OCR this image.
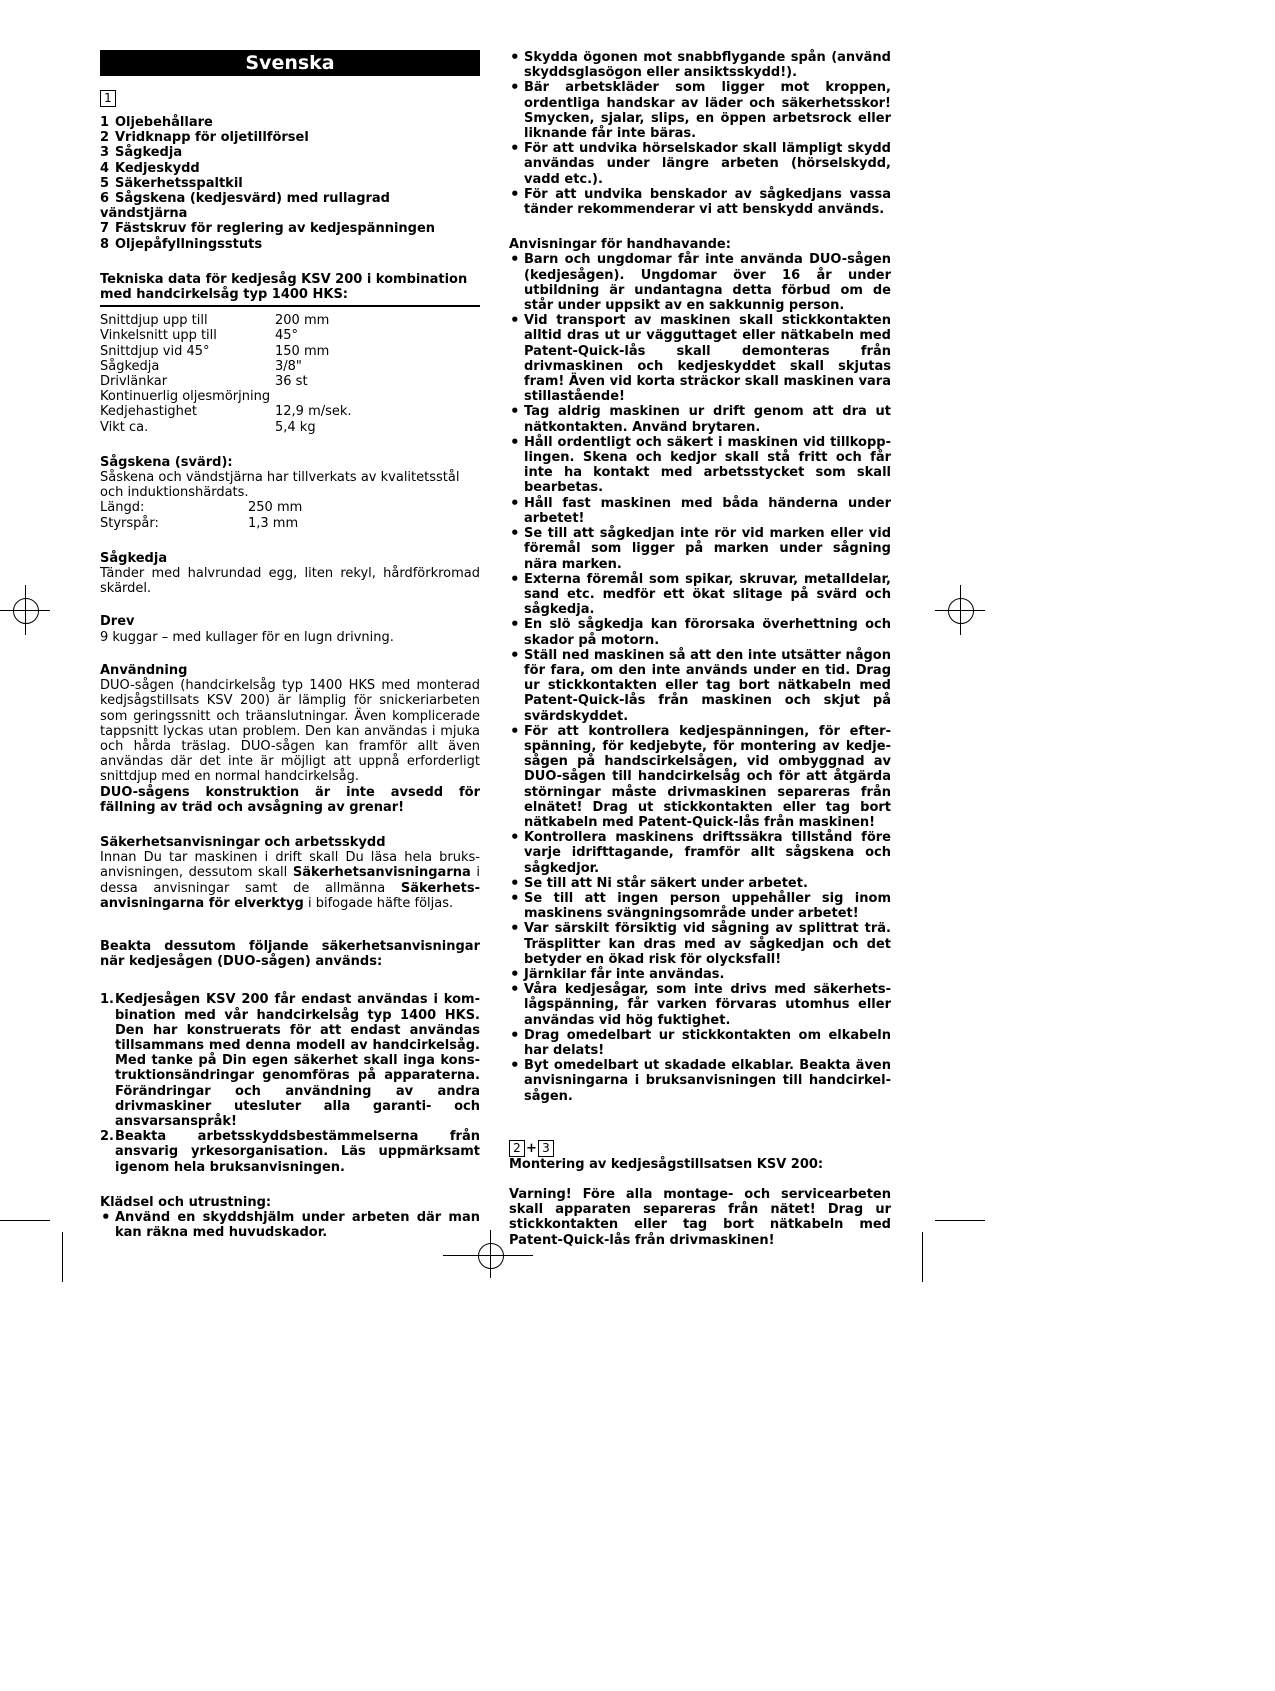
Svenska
1
1 Oljebehållare
2 Vridknapp för oljetillförsel
3 Sågkedja
4 Kedjeskydd
5 Säkerhetsspaltkil
6 Sågskena (kedjesvärd) med rullagrad vändstjärna
7 Fästskruv för reglering av kedjespänningen
8 Oljepåfyllningsstuts
Tekniska data för kedjesåg KSV 200 i kombination med handcirkelsåg typ 1400 HKS:
Snittdjup upp till	200 mm
Vinkelsnitt upp till	45°
Snittdjup vid 45°	150 mm
Sågkedja	3/8"
Drivlänkar	36 st
Kontinuerlig oljesmörjning
Kedjehastighet	12,9 m/sek.
Vikt ca.	5,4 kg
Sågskena (svärd):
Såskena och vändstjärna har tillverkats av kvalitetsstål och induktionshärdats.
Längd:	250 mm
Styrspår:	1,3 mm
Sågkedja
Tänder med halvrundad egg, liten rekyl, hårdförkromad skärdel.
Drev
9 kuggar – med kullager för en lugn drivning.
Användning
DUO-sågen (handcirkelsåg typ 1400 HKS med monterad kedjsågstillsats KSV 200) är lämplig för snickeriarbeten som geringssnitt och träanslutningar. Även komplicerade tappsnitt lyckas utan problem. Den kan användas i mjuka och hårda träslag. DUO-sågen kan framför allt även användas där det inte är möjligt att uppnå erforderligt snittdjup med en normal handcirkelsåg.
DUO-sågens konstruktion är inte avsedd för fällning av träd och avsågning av grenar!
Säkerhetsanvisningar och arbetsskydd
Innan Du tar maskinen i drift skall Du läsa hela bruksanvisningen, dessutom skall Säkerhetsanvisningarna i dessa anvisningar samt de allmänna Säkerhetsanvisningarna för elverktyg i bifogade häfte följas.
Beakta dessutom följande säkerhetsanvisningar när kedjesågen (DUO-sågen) används:
1. Kedjesågen KSV 200 får endast användas i kombination med vår handcirkelsåg typ 1400 HKS. Den har konstruerats för att endast användas tillsammans med denna modell av handcirkelsåg. Med tanke på Din egen säkerhet skall inga konstruktionsändringar genomföras på apparaterna. Förändringar och användning av andra drivmaskiner utesluter alla garanti- och ansvarsanspråk!
2. Beakta arbetsskyddsbestämmelserna från ansvarig yrkesorganisation. Läs uppmärksamt igenom hela bruksanvisningen.
Klädsel och utrustning:
• Använd en skyddshjälm under arbeten där man kan räkna med huvudskador.
• Skydda ögonen mot snabbflygande spån (använd skyddsglasögon eller ansiktsskydd!).
• Bär arbetskläder som ligger mot kroppen, ordentliga handskar av läder och säkerhetsskor! Smycken, sjalar, slips, en öppen arbetsrock eller liknande får inte bäras.
• För att undvika hörselskador skall lämpligt skydd användas under längre arbeten (hörselskydd, vadd etc.).
• För att undvika benskador av sågkedjans vassa tänder rekommenderar vi att benskydd används.
Anvisningar för handhavande:
• Barn och ungdomar får inte använda DUO-sågen (kedjesågen). Ungdomar över 16 år under utbildning är undantagna detta förbud om de står under uppsikt av en sakkunnig person.
• Vid transport av maskinen skall stickkontakten alltid dras ut ur vägguttaget eller nätkabeln med Patent-Quick-lås skall demonteras från drivmaskinen och kedjeskyddet skall skjutas fram! Även vid korta sträckor skall maskinen vara stillastående!
• Tag aldrig maskinen ur drift genom att dra ut nätkontakten. Använd brytaren.
• Håll ordentligt och säkert i maskinen vid tillkopplingen. Skena och kedjor skall stå fritt och får inte ha kontakt med arbetsstycket som skall bearbetas.
• Håll fast maskinen med båda händerna under arbetet!
• Se till att sågkedjan inte rör vid marken eller vid föremål som ligger på marken under sågning nära marken.
• Externa föremål som spikar, skruvar, metalldelar, sand etc. medför ett ökat slitage på svärd och sågkedja.
• En slö sågkedja kan förorsaka överhettning och skador på motorn.
• Ställ ned maskinen så att den inte utsätter någon för fara, om den inte används under en tid. Drag ur stickkontakten eller tag bort nätkabeln med Patent-Quick-lås från maskinen och skjut på svärdskyddet.
• För att kontrollera kedjespänningen, för efterspänning, för kedjebyte, för montering av kedjesågen på handscirkelsågen, vid ombyggnad av DUO-sågen till handcirkelsåg och för att åtgärda störningar måste drivmaskinen separeras från elnätet! Drag ut stickkontakten eller tag bort nätkabeln med Patent-Quick-lås från maskinen!
• Kontrollera maskinens driftssäkra tillstånd före varje idrifttagande, framför allt sågskena och sågkedjor.
• Se till att Ni står säkert under arbetet.
• Se till att ingen person uppehåller sig inom maskinens svängningsområde under arbetet!
• Var särskilt försiktig vid sågning av splittrat trä. Träsplitter kan dras med av sågkedjan och det betyder en ökad risk för olycksfall!
• Järnkilar får inte användas.
• Våra kedjesågar, som inte drivs med säkerhetslågspänning, får varken förvaras utomhus eller användas vid hög fuktighet.
• Drag omedelbart ur stickkontakten om elkabeln har delats!
• Byt omedelbart ut skadade elkablar. Beakta även anvisningarna i bruksanvisningen till handcirkelsågen.
2 + 3
Montering av kedjesågstillsatsen KSV 200:
Varning! Före alla montage- och servicearbeten skall apparaten separeras från nätet! Drag ur stickkontakten eller tag bort nätkabeln med Patent-Quick-lås från drivmaskinen!
